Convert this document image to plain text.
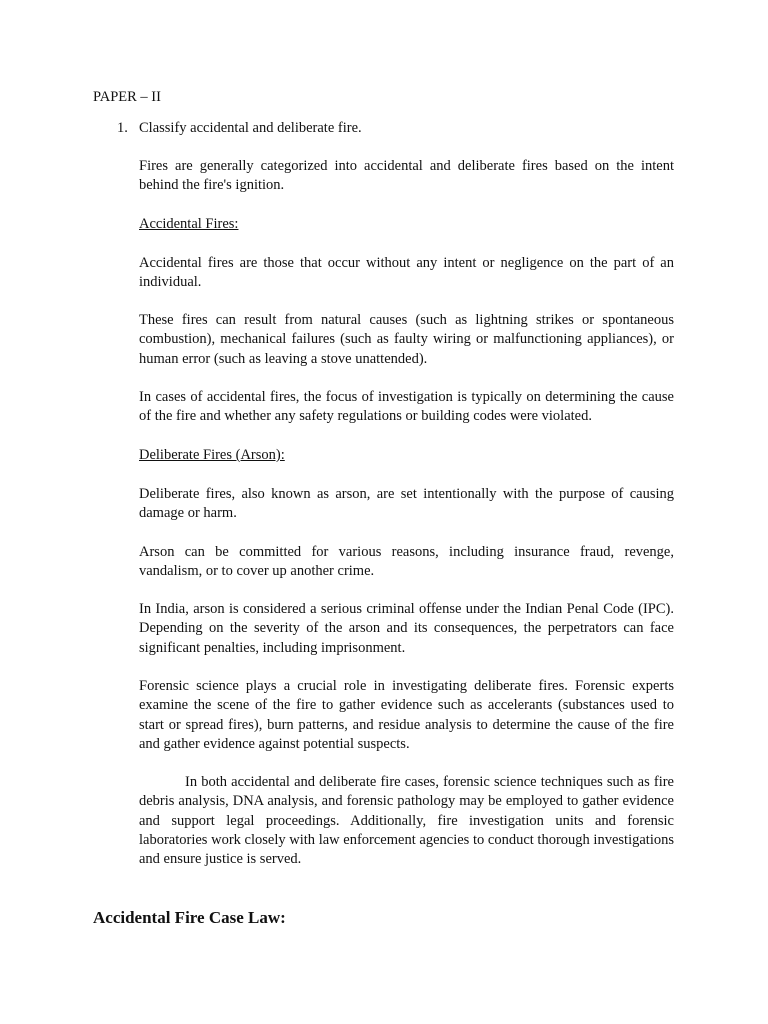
PAPER – II

1. Classify accidental and deliberate fire.

Fires are generally categorized into accidental and deliberate fires based on the intent behind the fire's ignition.

Accidental Fires:

Accidental fires are those that occur without any intent or negligence on the part of an individual.

These fires can result from natural causes (such as lightning strikes or spontaneous combustion), mechanical failures (such as faulty wiring or malfunctioning appliances), or human error (such as leaving a stove unattended).

In cases of accidental fires, the focus of investigation is typically on determining the cause of the fire and whether any safety regulations or building codes were violated.

Deliberate Fires (Arson):

Deliberate fires, also known as arson, are set intentionally with the purpose of causing damage or harm.

Arson can be committed for various reasons, including insurance fraud, revenge, vandalism, or to cover up another crime.

In India, arson is considered a serious criminal offense under the Indian Penal Code (IPC). Depending on the severity of the arson and its consequences, the perpetrators can face significant penalties, including imprisonment.

Forensic science plays a crucial role in investigating deliberate fires. Forensic experts examine the scene of the fire to gather evidence such as accelerants (substances used to start or spread fires), burn patterns, and residue analysis to determine the cause of the fire and gather evidence against potential suspects.

In both accidental and deliberate fire cases, forensic science techniques such as fire debris analysis, DNA analysis, and forensic pathology may be employed to gather evidence and support legal proceedings. Additionally, fire investigation units and forensic laboratories work closely with law enforcement agencies to conduct thorough investigations and ensure justice is served.

Accidental Fire Case Law:
